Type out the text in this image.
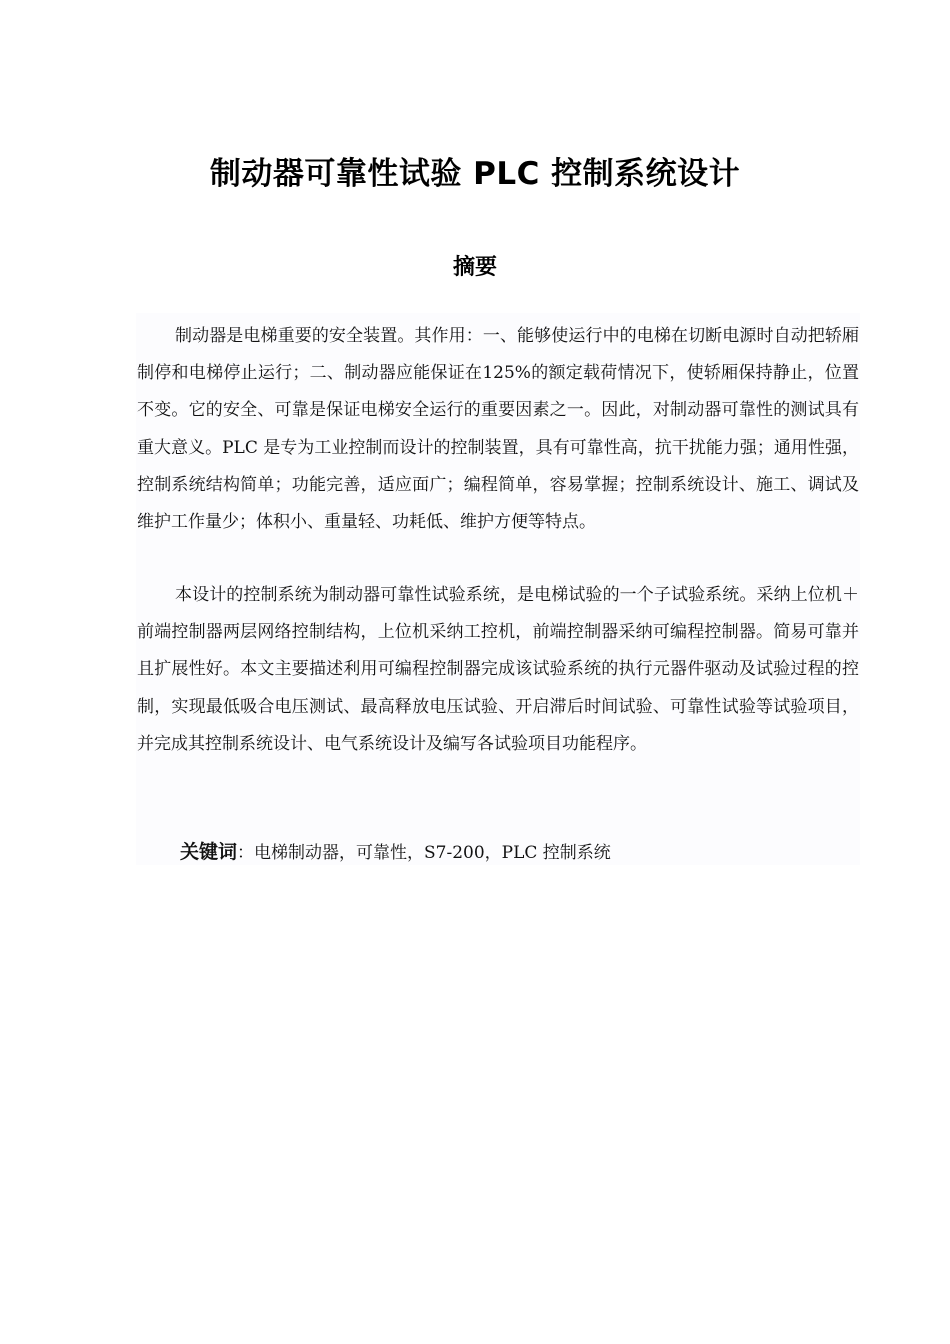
制动器可靠性试验 PLC 控制系统设计
摘要

制动器是电梯重要的安全装置。其作用：一、能够使运行中的电梯在切断电源时自动把轿厢制停和电梯停止运行；二、制动器应能保证在125%的额定载荷情况下，使轿厢保持静止，位置不变。它的安全、可靠是保证电梯安全运行的重要因素之一。因此，对制动器可靠性的测试具有重大意义。PLC 是专为工业控制而设计的控制装置，具有可靠性高，抗干扰能力强；通用性强，控制系统结构简单；功能完善，适应面广；编程简单，容易掌握；控制系统设计、施工、调试及维护工作量少；体积小、重量轻、功耗低、维护方便等特点。

本设计的控制系统为制动器可靠性试验系统，是电梯试验的一个子试验系统。采纳上位机＋前端控制器两层网络控制结构，上位机采纳工控机，前端控制器采纳可编程控制器。简易可靠并且扩展性好。本文主要描述利用可编程控制器完成该试验系统的执行元器件驱动及试验过程的控制，实现最低吸合电压测试、最高释放电压试验、开启滞后时间试验、可靠性试验等试验项目，并完成其控制系统设计、电气系统设计及编写各试验项目功能程序。

关键词：电梯制动器，可靠性，S7-200，PLC 控制系统
